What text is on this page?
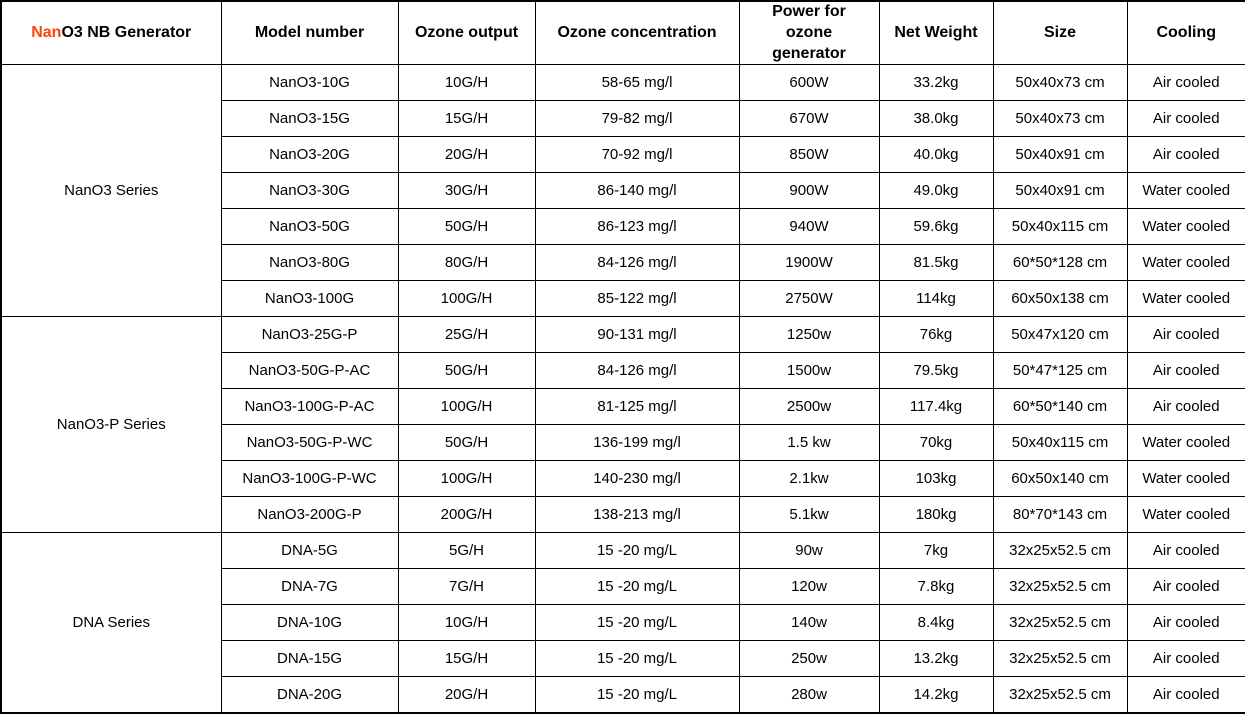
NanO3 NB Generator	Model number	Ozone output	Ozone concentration	Power for ozone generator	Net Weight	Size	Cooling
NanO3 Series	NanO3-10G	10G/H	58-65 mg/l	600W	33.2kg	50x40x73 cm	Air cooled
	NanO3-15G	15G/H	79-82 mg/l	670W	38.0kg	50x40x73 cm	Air cooled
	NanO3-20G	20G/H	70-92 mg/l	850W	40.0kg	50x40x91 cm	Air cooled
	NanO3-30G	30G/H	86-140 mg/l	900W	49.0kg	50x40x91 cm	Water cooled
	NanO3-50G	50G/H	86-123 mg/l	940W	59.6kg	50x40x115 cm	Water cooled
	NanO3-80G	80G/H	84-126 mg/l	1900W	81.5kg	60*50*128 cm	Water cooled
	NanO3-100G	100G/H	85-122 mg/l	2750W	114kg	60x50x138 cm	Water cooled
NanO3-P Series	NanO3-25G-P	25G/H	90-131 mg/l	1250w	76kg	50x47x120 cm	Air cooled
	NanO3-50G-P-AC	50G/H	84-126 mg/l	1500w	79.5kg	50*47*125 cm	Air cooled
	NanO3-100G-P-AC	100G/H	81-125 mg/l	2500w	117.4kg	60*50*140 cm	Air cooled
	NanO3-50G-P-WC	50G/H	136-199 mg/l	1.5 kw	70kg	50x40x115 cm	Water cooled
	NanO3-100G-P-WC	100G/H	140-230 mg/l	2.1kw	103kg	60x50x140 cm	Water cooled
	NanO3-200G-P	200G/H	138-213 mg/l	5.1kw	180kg	80*70*143 cm	Water cooled
DNA Series	DNA-5G	5G/H	15 -20 mg/L	90w	7kg	32x25x52.5 cm	Air cooled
	DNA-7G	7G/H	15 -20 mg/L	120w	7.8kg	32x25x52.5 cm	Air cooled
	DNA-10G	10G/H	15 -20 mg/L	140w	8.4kg	32x25x52.5 cm	Air cooled
	DNA-15G	15G/H	15 -20 mg/L	250w	13.2kg	32x25x52.5 cm	Air cooled
	DNA-20G	20G/H	15 -20 mg/L	280w	14.2kg	32x25x52.5 cm	Air cooled
